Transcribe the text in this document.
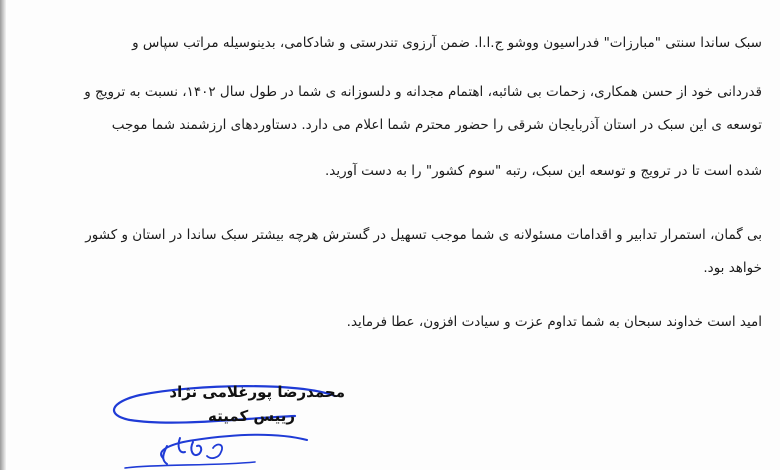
سبک ساندا سنتی "مبارزات" فدراسیون ووشو ج.ا.ا. ضمن آرزوی تندرستی و شادکامی، بدینوسیله مراتب سپاس و

قدردانی خود از حسن همکاری، زحمات بی شائبه، اهتمام مجدانه و دلسوزانه ی شما در طول سال ۱۴۰۲، نسبت به ترویج و

توسعه ی این سبک در استان آذربایجان شرقی را حضور محترم شما اعلام می دارد. دستاوردهای ارزشمند شما موجب

شده است تا در ترویج و توسعه این سبک، رتبه "سوم کشور" را به دست آورید.

بی گمان، استمرار تدابیر و اقدامات مسئولانه ی شما موجب تسهیل در گسترش هرچه بیشتر سبک ساندا در استان و کشور

خواهد بود.

امید است خداوند سبحان به شما تداوم عزت و سیادت افزون، عطا فرماید.

محمدرضا پورغلامی نژاد

رییس کمیته
